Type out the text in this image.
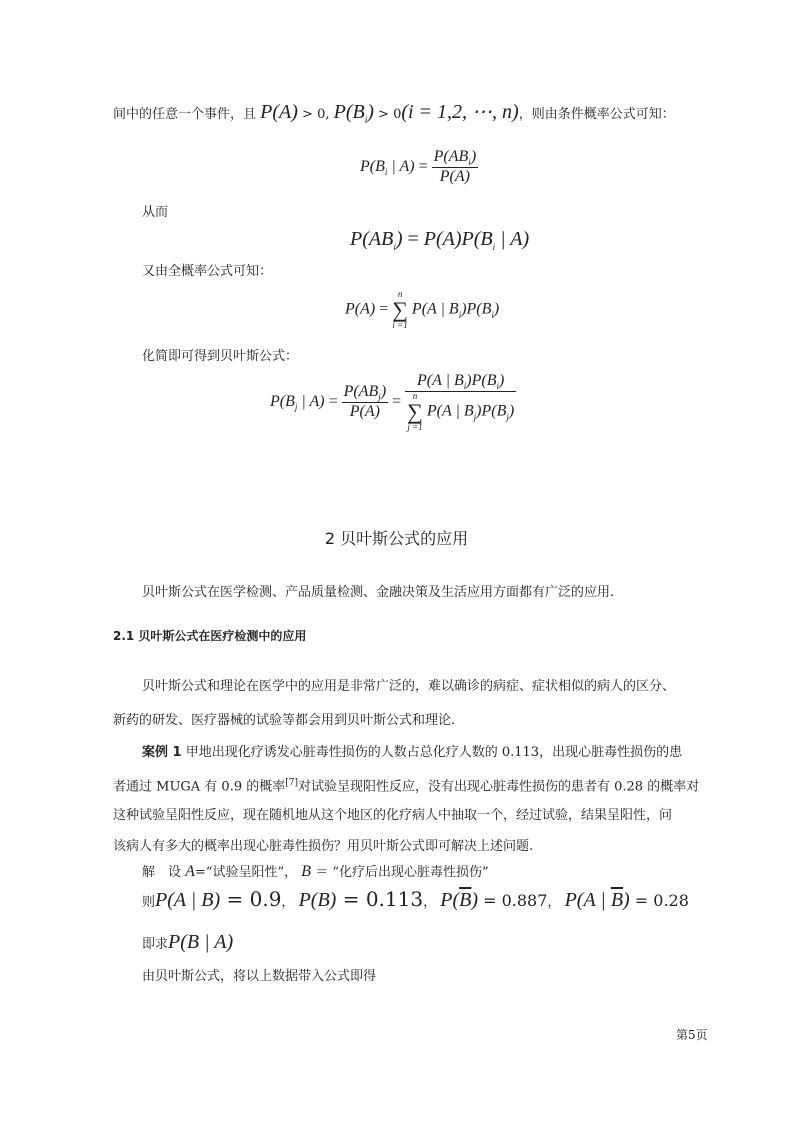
间中的任意一个事件，且 P(A) > 0, $P(B_i) > 0(i = 1,2$, ⋯, n)，则由条件概率公式可知：
$P(B_i$ | $A) = \frac{P(AB_i)}{P(A)}$
从而
$P(AB_i) = P(A)P(B_i$ | A)
又由全概率公式可知：
P(A) =
n
∑
i =1
P(A | $B_i)P(B_i)$
化简即可得到贝叶斯公式：
$P(B_j$ | $A) = \frac{P(AB_j)}{P(A)} = P(A$ | $B_i)P(B_i)$
n
∑
j =1
P(A | $B_j)P(B_j)$
2 贝叶斯公式的应用
贝叶斯公式在医学检测、产品质量检测、金融决策及生活应用方面都有广泛的应用.
2.1 贝叶斯公式在医疗检测中的应用
贝叶斯公式和理论在医学中的应用是非常广泛的，难以确诊的病症、症状相似的病人的区分、
新药的研发、医疗器械的试验等都会用到贝叶斯公式和理论.
案例 1 甲地出现化疗诱发心脏毒性损伤的人数占总化疗人数的 0.113，出现心脏毒性损伤的患
者通过 MUGA 有 0.9 的概率[7]对试验呈现阳性反应，没有出现心脏毒性损伤的患者有 0.28 的概率对
这种试验呈阳性反应，现在随机地从这个地区的化疗病人中抽取一个，经过试验，结果呈阳性，问
该病人有多大的概率出现心脏毒性损伤？用贝叶斯公式即可解决上述问题.
解　设 A=“试验呈阳性”， B ＝ “化疗后出现心脏毒性损伤”
则P(A | B) = 0.9， P(B) = 0.113， $P(\overline{B}) = 0.887$， P(A | $\overline{B}) = 0.28$
即求P(B | A)
由贝叶斯公式，将以上数据带入公式即得
第5页
